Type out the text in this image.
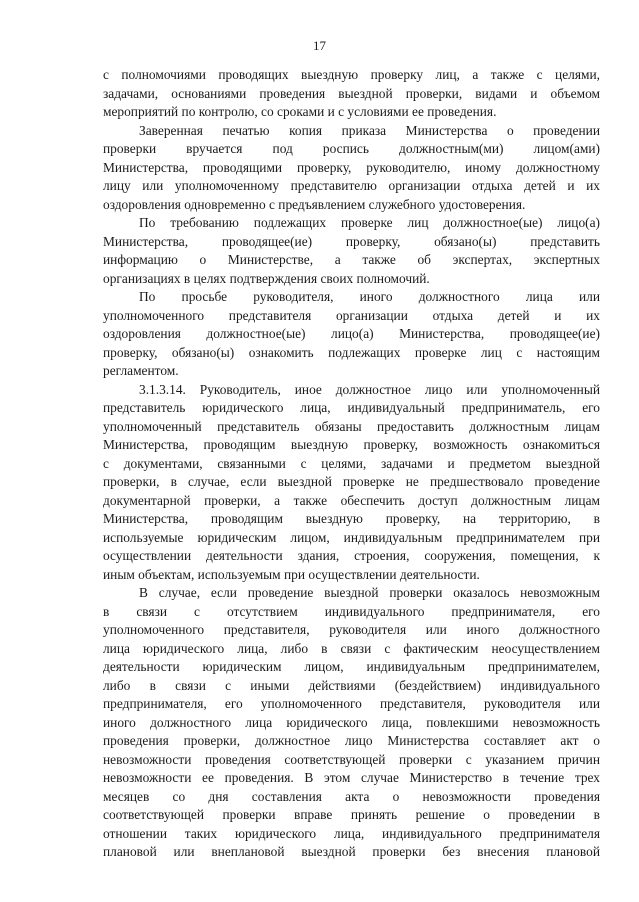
17
с полномочиями проводящих выездную проверку лиц, а также с целями,
задачами, основаниями проведения выездной проверки, видами и объемом
мероприятий по контролю, со сроками и с условиями ее проведения.
Заверенная печатью копия приказа Министерства о проведении
проверки вручается под роспись должностным(ми) лицом(ами)
Министерства, проводящими проверку, руководителю, иному должностному
лицу или уполномоченному представителю организации отдыха детей и их
оздоровления одновременно с предъявлением служебного удостоверения.
По требованию подлежащих проверке лиц должностное(ые) лицо(а)
Министерства, проводящее(ие) проверку, обязано(ы) представить
информацию о Министерстве, а также об экспертах, экспертных
организациях в целях подтверждения своих полномочий.
По просьбе руководителя, иного должностного лица или
уполномоченного представителя организации отдыха детей и их
оздоровления должностное(ые) лицо(а) Министерства, проводящее(ие)
проверку, обязано(ы) ознакомить подлежащих проверке лиц с настоящим
регламентом.
3.1.3.14. Руководитель, иное должностное лицо или уполномоченный
представитель юридического лица, индивидуальный предприниматель, его
уполномоченный представитель обязаны предоставить должностным лицам
Министерства, проводящим выездную проверку, возможность ознакомиться
с документами, связанными с целями, задачами и предметом выездной
проверки, в случае, если выездной проверке не предшествовало проведение
документарной проверки, а также обеспечить доступ должностным лицам
Министерства, проводящим выездную проверку, на территорию, в
используемые юридическим лицом, индивидуальным предпринимателем при
осуществлении деятельности здания, строения, сооружения, помещения, к
иным объектам, используемым при осуществлении деятельности.
В случае, если проведение выездной проверки оказалось невозможным
в связи с отсутствием индивидуального предпринимателя, его
уполномоченного представителя, руководителя или иного должностного
лица юридического лица, либо в связи с фактическим неосуществлением
деятельности юридическим лицом, индивидуальным предпринимателем,
либо в связи с иными действиями (бездействием) индивидуального
предпринимателя, его уполномоченного представителя, руководителя или
иного должностного лица юридического лица, повлекшими невозможность
проведения проверки, должностное лицо Министерства составляет акт о
невозможности проведения соответствующей проверки с указанием причин
невозможности ее проведения. В этом случае Министерство в течение трех
месяцев со дня составления акта о невозможности проведения
соответствующей проверки вправе принять решение о проведении в
отношении таких юридического лица, индивидуального предпринимателя
плановой или внеплановой выездной проверки без внесения плановой
